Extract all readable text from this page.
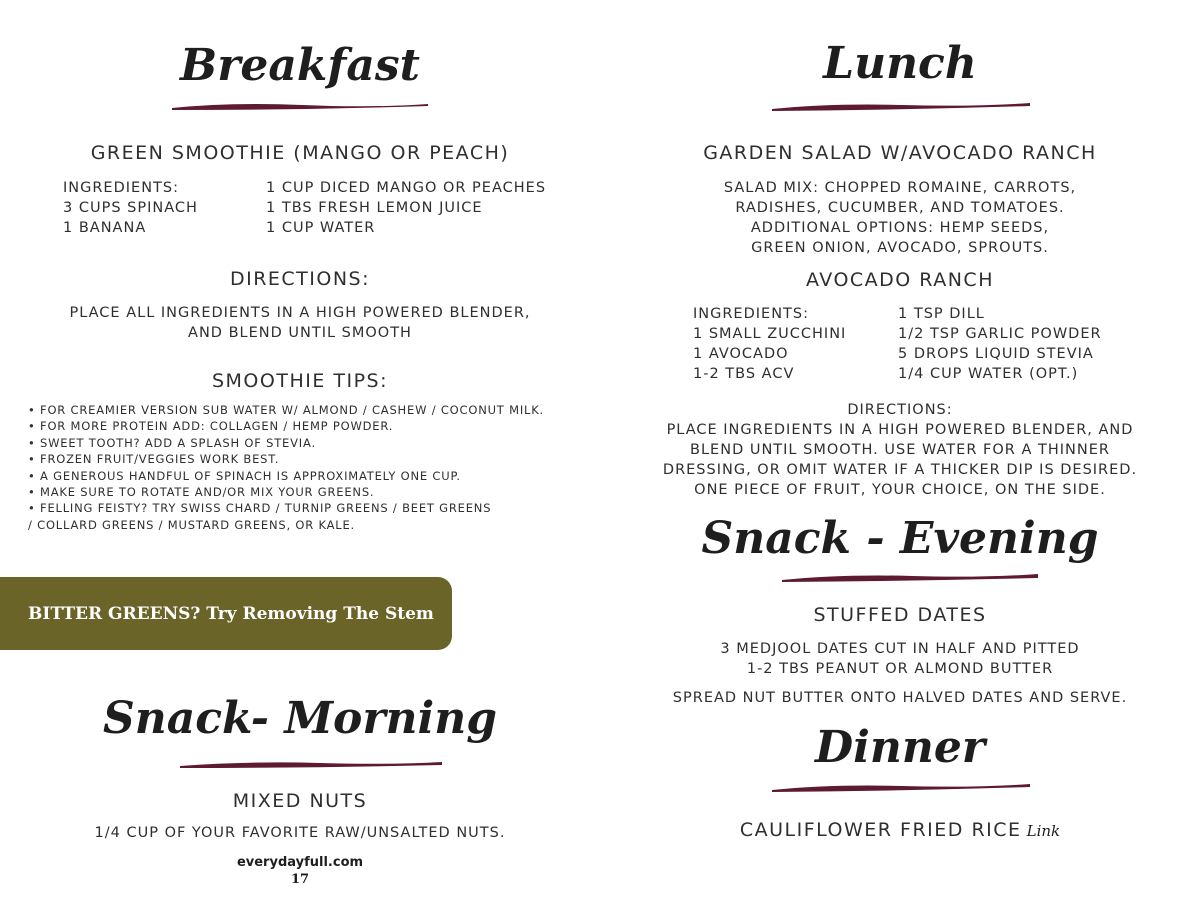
Breakfast
GREEN SMOOTHIE (MANGO OR PEACH)
INGREDIENTS:
3 CUPS SPINACH
1 BANANA
1 CUP DICED MANGO OR PEACHES
1 TBS FRESH LEMON JUICE
1 CUP WATER
DIRECTIONS:
PLACE ALL INGREDIENTS IN A HIGH POWERED BLENDER,
AND BLEND UNTIL SMOOTH
SMOOTHIE TIPS:
• FOR CREAMIER VERSION SUB WATER W/ ALMOND / CASHEW / COCONUT MILK.
• FOR MORE PROTEIN ADD: COLLAGEN / HEMP POWDER.
• SWEET TOOTH? ADD A SPLASH OF STEVIA.
• FROZEN FRUIT/VEGGIES WORK BEST.
• A GENEROUS HANDFUL OF SPINACH IS APPROXIMATELY ONE CUP.
• MAKE SURE TO ROTATE AND/OR MIX YOUR GREENS.
• FELLING FEISTY? TRY SWISS CHARD / TURNIP GREENS / BEET GREENS
/ COLLARD GREENS / MUSTARD GREENS, OR KALE.
BITTER GREENS? Try Removing The Stem
Snack- Morning
MIXED NUTS
1/4 CUP OF YOUR FAVORITE RAW/UNSALTED NUTS.
everydayfull.com
17
Lunch
GARDEN SALAD W/AVOCADO RANCH
SALAD MIX: CHOPPED ROMAINE, CARROTS,
RADISHES, CUCUMBER, AND TOMATOES.
ADDITIONAL OPTIONS: HEMP SEEDS,
GREEN ONION, AVOCADO, SPROUTS.
AVOCADO RANCH
INGREDIENTS:
1 SMALL ZUCCHINI
1 AVOCADO
1-2 TBS ACV
1 TSP DILL
1/2 TSP GARLIC POWDER
5 DROPS LIQUID STEVIA
1/4 CUP WATER (OPT.)
DIRECTIONS:
PLACE INGREDIENTS IN A HIGH POWERED BLENDER, AND
BLEND UNTIL SMOOTH. USE WATER FOR A THINNER
DRESSING, OR OMIT WATER IF A THICKER DIP IS DESIRED.
ONE PIECE OF FRUIT, YOUR CHOICE, ON THE SIDE.
Snack - Evening
STUFFED DATES
3 MEDJOOL DATES CUT IN HALF AND PITTED
1-2 TBS PEANUT OR ALMOND BUTTER
SPREAD NUT BUTTER ONTO HALVED DATES AND SERVE.
Dinner
CAULIFLOWER FRIED RICE Link
